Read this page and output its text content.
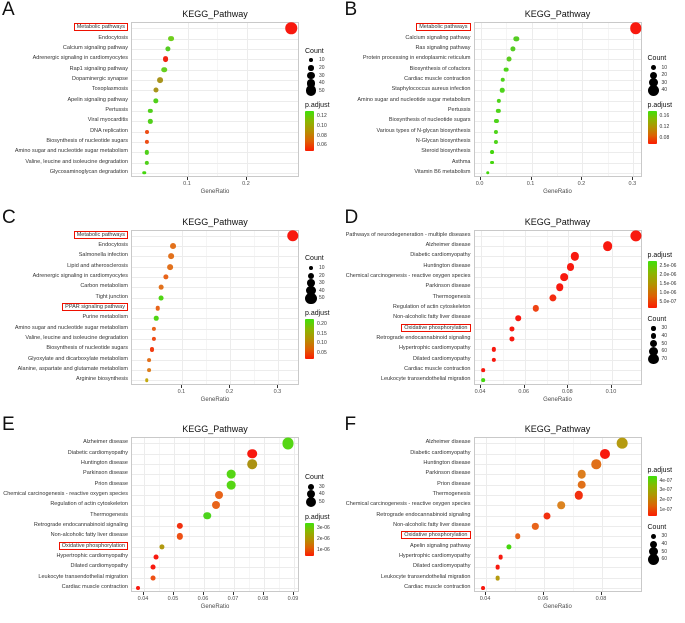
A	KEGG_Pathway
Metabolic pathways
Endocytosis
Calcium signaling pathway
Adrenergic signaling in cardiomyocytes
Rap1 signaling pathway
Dopaminergic synapse
Toxoplasmosis
Apelin signaling pathway
Pertussis
Viral myocarditis
DNA replication
Biosynthesis of nucleotide sugars
Amino sugar and nucleotide sugar metabolism
Valine, leucine and isoleucine degradation
Glycosaminoglycan degradation
0.1	0.2
GeneRatio
Count
10
20
30
40
50
p.adjust
0.12
0.10
0.08
0.06
B	KEGG_Pathway
Metabolic pathways
Calcium signaling pathway
Ras signaling pathway
Protein processing in endoplasmic reticulum
Biosynthesis of cofactors
Cardiac muscle contraction
Staphylococcus aureus infection
Amino sugar and nucleotide sugar metabolism
Pertussis
Biosynthesis of nucleotide sugars
Various types of N-glycan biosynthesis
N-Glycan biosynthesis
Steroid biosynthesis
Asthma
Vitamin B6 metabolism
0.0	0.1	0.2	0.3
GeneRatio
Count
10
20
30
40
p.adjust
0.16
0.12
0.08
C	KEGG_Pathway
Metabolic pathways
Endocytosis
Salmonella infection
Lipid and atherosclerosis
Adrenergic signaling in cardiomyocytes
Carbon metabolism
Tight junction
PPAR signaling pathway
Purine metabolism
Amino sugar and nucleotide sugar metabolism
Valine, leucine and isoleucine degradation
Biosynthesis of nucleotide sugars
Glyoxylate and dicarboxylate metabolism
Alanine, aspartate and glutamate metabolism
Arginine biosynthesis
0.1	0.2	0.3
GeneRatio
Count
10
20
30
40
50
p.adjust
0.20
0.15
0.10
0.05
D	KEGG_Pathway
Pathways of neurodegeneration - multiple diseases
Alzheimer disease
Diabetic cardiomyopathy
Huntington disease
Chemical carcinogenesis - reactive oxygen species
Parkinson disease
Thermogenesis
Regulation of actin cytoskeleton
Non-alcoholic fatty liver disease
Oxidative phosphorylation
Retrograde endocannabinoid signaling
Hypertrophic cardiomyopathy
Dilated cardiomyopathy
Cardiac muscle contraction
Leukocyte transendothelial migration
0.04	0.06	0.08	0.10
GeneRatio
p.adjust
2.5e-06
2.0e-06
1.5e-06
1.0e-06
5.0e-07
Count
30
40
50
60
70
E	KEGG_Pathway
Alzheimer disease
Diabetic cardiomyopathy
Huntington disease
Parkinson disease
Prion disease
Chemical carcinogenesis - reactive oxygen species
Regulation of actin cytoskeleton
Thermogenesis
Retrograde endocannabinoid signaling
Non-alcoholic fatty liver disease
Oxidative phosphorylation
Hypertrophic cardiomyopathy
Dilated cardiomyopathy
Leukocyte transendothelial migration
Cardiac muscle contraction
0.04	0.05	0.06	0.07	0.08	0.09
GeneRatio
Count
30
40
50
p.adjust
3e-06
2e-06
1e-06
F	KEGG_Pathway
Alzheimer disease
Diabetic cardiomyopathy
Huntington disease
Parkinson disease
Prion disease
Thermogenesis
Chemical carcinogenesis - reactive oxygen species
Retrograde endocannabinoid signaling
Non-alcoholic fatty liver disease
Oxidative phosphorylation
Apelin signaling pathway
Hypertrophic cardiomyopathy
Dilated cardiomyopathy
Leukocyte transendothelial migration
Cardiac muscle contraction
0.04	0.06	0.08
GeneRatio
p.adjust
4e-07
3e-07
2e-07
1e-07
Count
30
40
50
60
